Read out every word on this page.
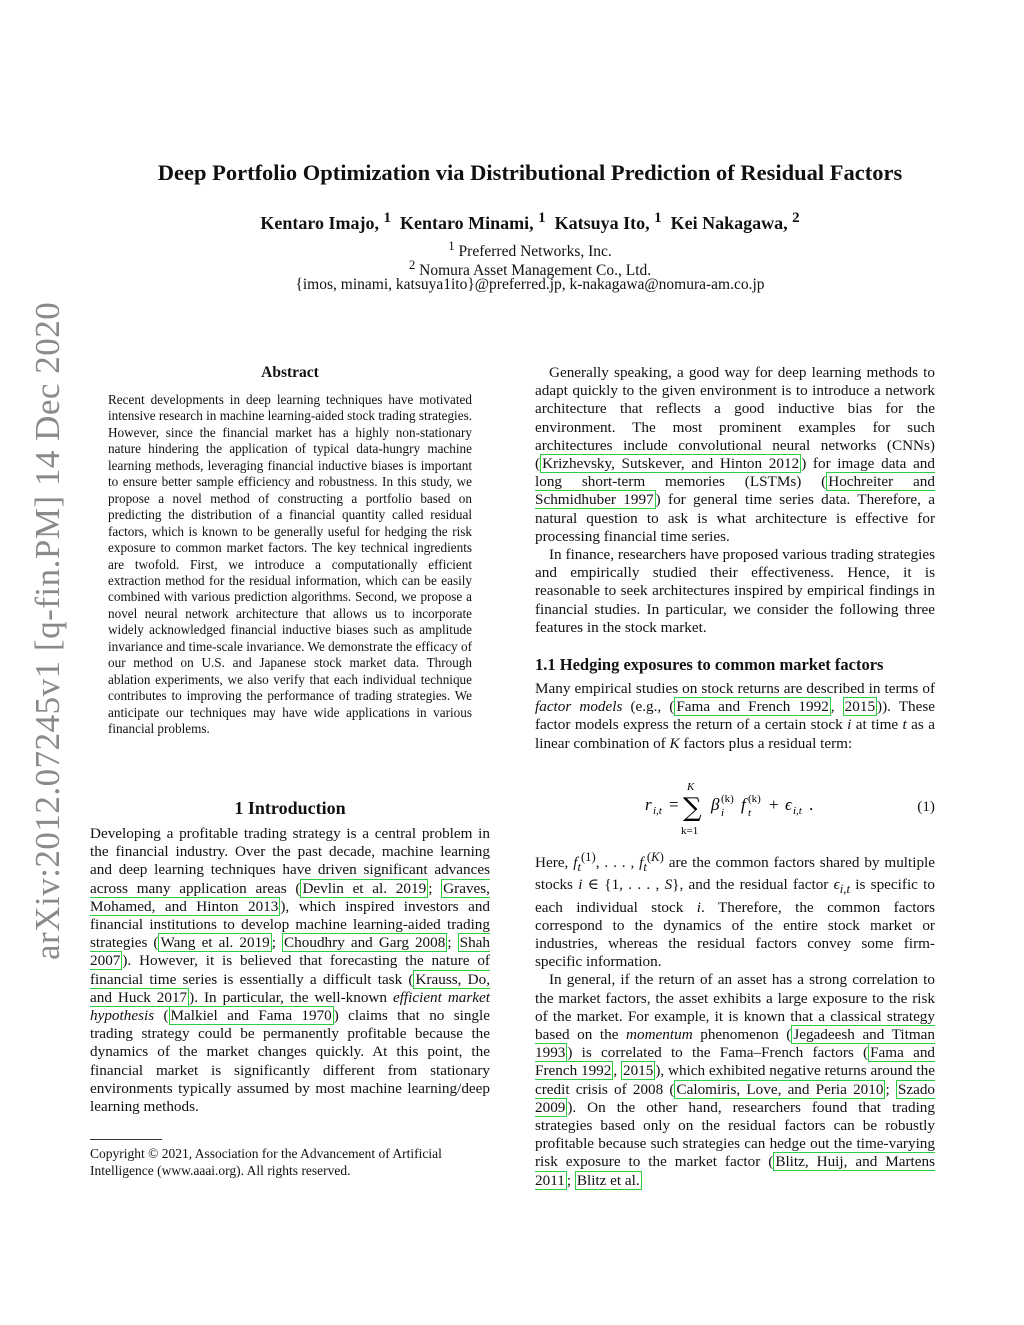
arXiv:2012.07245v1 [q-fin.PM] 14 Dec 2020
Deep Portfolio Optimization via Distributional Prediction of Residual Factors
Kentaro Imajo, $^1$ Kentaro Minami, $^1$ Katsuya Ito, $^1$ Kei Nakagawa, $^2$
$^1$ Preferred Networks, Inc.
$^2$ Nomura Asset Management Co., Ltd.
{imos, minami, katsuya1ito}@preferred.jp, k-nakagawa@nomura-am.co.jp
Abstract
Recent developments in deep learning techniques have motivated intensive research in machine learning-aided stock trading strategies. However, since the financial market has a highly non-stationary nature hindering the application of typical data-hungry machine learning methods, leveraging financial inductive biases is important to ensure better sample efficiency and robustness. In this study, we propose a novel method of constructing a portfolio based on predicting the distribution of a financial quantity called residual factors, which is known to be generally useful for hedging the risk exposure to common market factors. The key technical ingredients are twofold. First, we introduce a computationally efficient extraction method for the residual information, which can be easily combined with various prediction algorithms. Second, we propose a novel neural network architecture that allows us to incorporate widely acknowledged financial inductive biases such as amplitude invariance and time-scale invariance. We demonstrate the efficacy of our method on U.S. and Japanese stock market data. Through ablation experiments, we also verify that each individual technique contributes to improving the performance of trading strategies. We anticipate our techniques may have wide applications in various financial problems.
1 Introduction
Developing a profitable trading strategy is a central problem in the financial industry. Over the past decade, machine learning and deep learning techniques have driven significant advances across many application areas ( Devlin et al. 2019 ; Graves, Mohamed, and Hinton 2013 ), which inspired investors and financial institutions to develop machine learning-aided trading strategies ( Wang et al. 2019 ; Choudhry and Garg 2008 ; Shah 2007 ). However, it is believed that forecasting the nature of financial time series is essentially a difficult task ( Krauss, Do, and Huck 2017 ). In particular, the well-known efficient market hypothesis ( Malkiel and Fama 1970 ) claims that no single trading strategy could be permanently profitable because the dynamics of the market changes quickly. At this point, the financial market is significantly different from stationary environments typically assumed by most machine learning/deep learning methods.
Copyright © 2021, Association for the Advancement of Artificial Intelligence (www.aaai.org). All rights reserved.

Generally speaking, a good way for deep learning methods to adapt quickly to the given environment is to introduce a network architecture that reflects a good inductive bias for the environment. The most prominent examples for such architectures include convolutional neural networks (CNNs) ( Krizhevsky, Sutskever, and Hinton 2012 ) for image data and long short-term memories (LSTMs) ( Hochreiter and Schmidhuber 1997 ) for general time series data. Therefore, a natural question to ask is what architecture is effective for processing financial time series.

In finance, researchers have proposed various trading strategies and empirically studied their effectiveness. Hence, it is reasonable to seek architectures inspired by empirical findings in financial studies. In particular, we consider the following three features in the stock market.

1.1 Hedging exposures to common market factors
Many empirical studies on stock returns are described in terms of factor models (e.g., ( Fama and French 1992 , 2015 )). These factor models express the return of a certain stock i at time t as a linear combination of K factors plus a residual term:
r i,t =
K
∑
k=1
β (k)
i f (k)
t + ϵ i,t .	(1)

Here, $f_t^{(1)}$, . . . , $f_t^{(K)}$ are the common factors shared by multiple stocks i ∈ {1, . . . , S}, and the residual factor $\epsilon_{i,t}$ is specific to each individual stock i. Therefore, the common factors correspond to the dynamics of the entire stock market or industries, whereas the residual factors convey some firm-specific information.

In general, if the return of an asset has a strong correlation to the market factors, the asset exhibits a large exposure to the risk of the market. For example, it is known that a classical strategy based on the momentum phenomenon ( Jegadeesh and Titman 1993 ) is correlated to the Fama–French factors ( Fama and French 1992 , 2015 ), which exhibited negative returns around the credit crisis of 2008 ( Calomiris, Love, and Peria 2010 ; Szado 2009 ). On the other hand, researchers found that trading strategies based only on the residual factors can be robustly profitable because such strategies can hedge out the time-varying risk exposure to the market factor ( Blitz, Huij, and Martens 2011 ; Blitz et al.
